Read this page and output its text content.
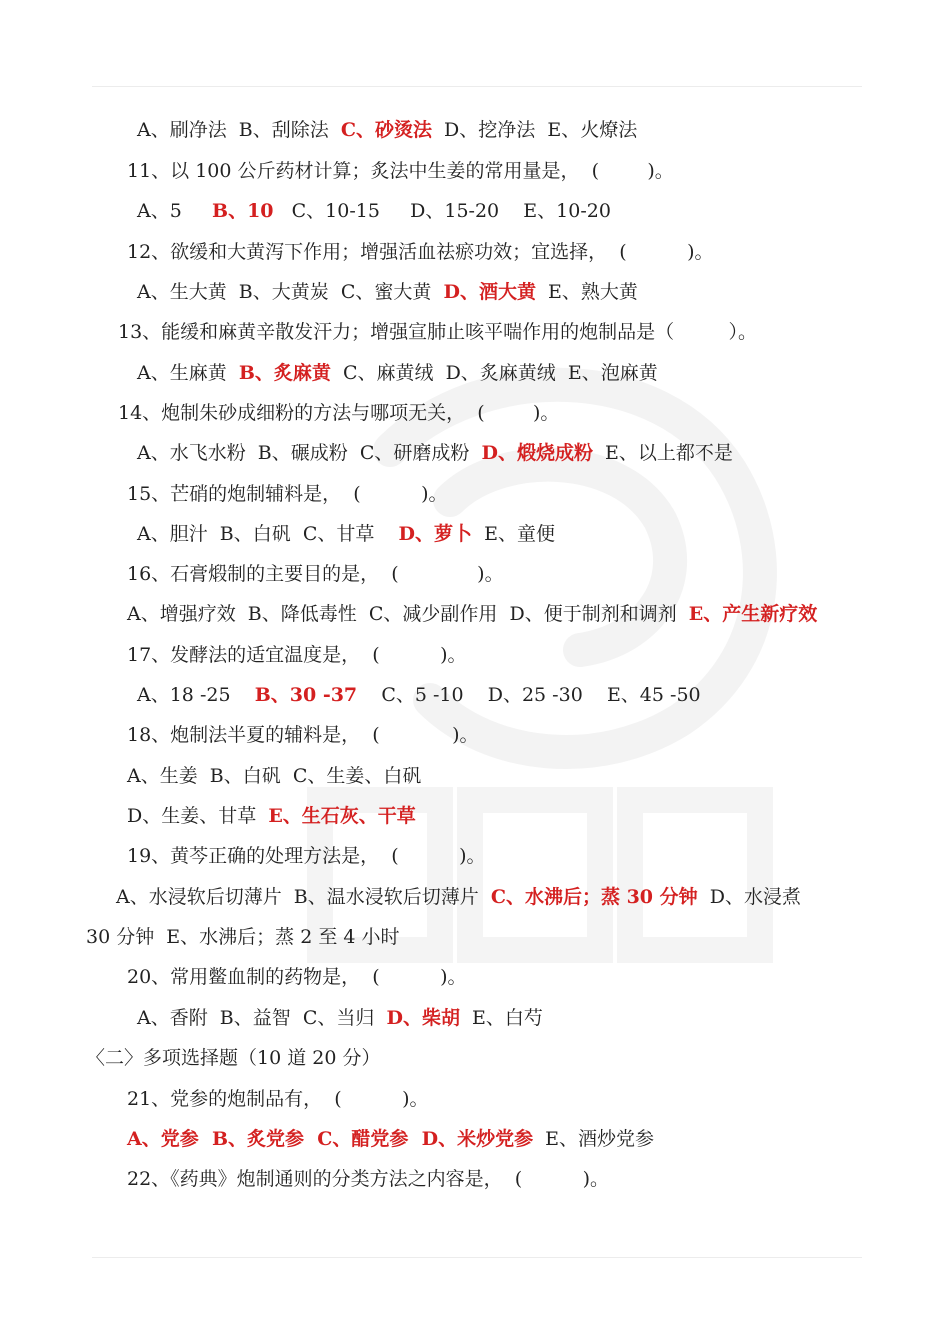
A、刷净法  B、刮除法  C、砂烫法  D、挖净法  E、火燎法
11、以 100 公斤药材计算；炙法中生姜的常用量是，  (        )。
A、5     B、10   C、10-15     D、15-20    E、10-20
12、欲缓和大黄泻下作用；增强活血祛瘀功效；宜选择，  (          )。
A、生大黄  B、大黄炭  C、蜜大黄  D、酒大黄  E、熟大黄
13、能缓和麻黄辛散发汗力；增强宣肺止咳平喘作用的炮制品是（         ）。
A、生麻黄  B、炙麻黄  C、麻黄绒  D、炙麻黄绒  E、泡麻黄
14、炮制朱砂成细粉的方法与哪项无关，  (        )。
A、水飞水粉  B、碾成粉  C、研磨成粉  D、煅烧成粉  E、以上都不是
15、芒硝的炮制辅料是，  (          )。
A、胆汁  B、白矾  C、甘草    D、萝卜  E、童便
16、石膏煅制的主要目的是，  (             )。
A、增强疗效  B、降低毒性  C、减少副作用  D、便于制剂和调剂  E、产生新疗效
17、发酵法的适宜温度是，  (          )。
A、18 -25    B、30 -37    C、5 -10    D、25 -30    E、45 -50
18、炮制法半夏的辅料是，  (            )。
A、生姜  B、白矾  C、生姜、白矾
D、生姜、甘草  E、生石灰、干草
19、黄芩正确的处理方法是，  (          )。
A、水浸软后切薄片  B、温水浸软后切薄片  C、水沸后；蒸 30 分钟  D、水浸煮
30 分钟  E、水沸后；蒸 2 至 4 小时
20、常用鳖血制的药物是，  (          )。
A、香附  B、益智  C、当归  D、柴胡  E、白芍
〈二〉多项选择题（10 道 20 分）
21、党参的炮制品有，  (          )。
A、党参  B、炙党参  C、醋党参  D、米炒党参  E、酒炒党参
22、《药典》炮制通则的分类方法之内容是，  (          )。
